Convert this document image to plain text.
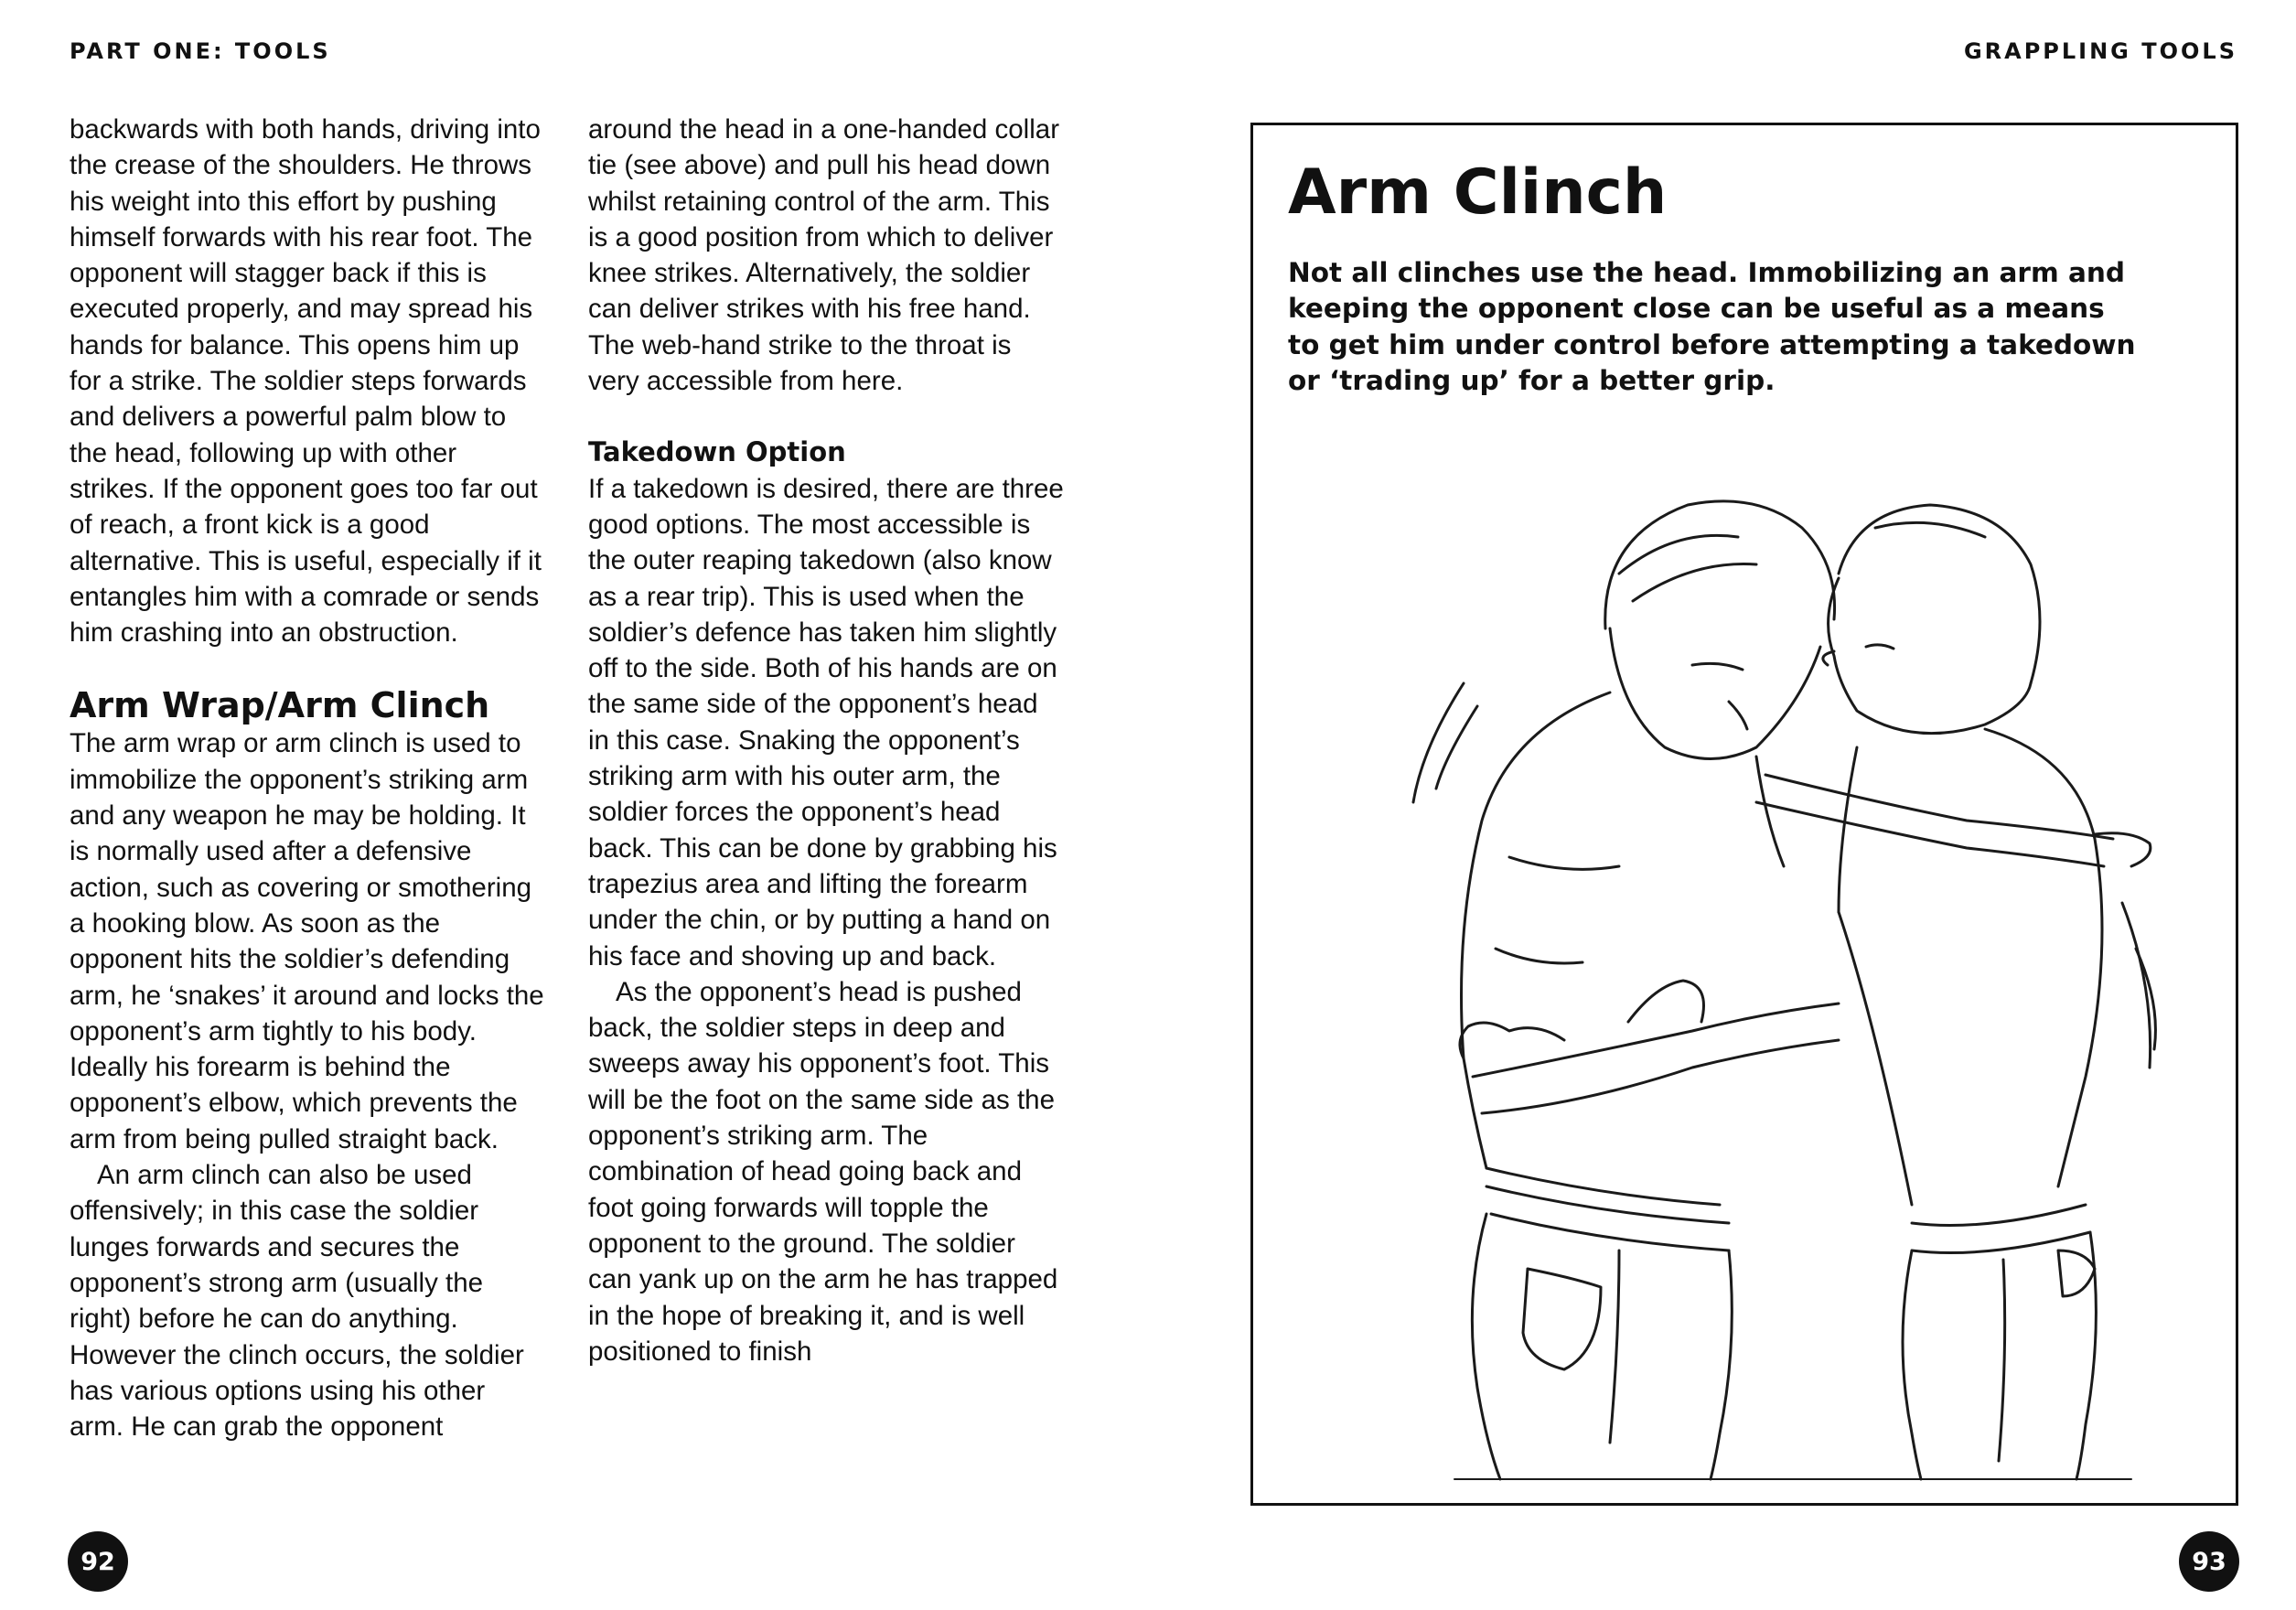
PART ONE: TOOLS	GRAPPLING TOOLS

backwards with both hands, driving into the crease of the shoulders. He throws his weight into this effort by pushing himself forwards with his rear foot. The opponent will stagger back if this is executed properly, and may spread his hands for balance. This opens him up for a strike. The soldier steps forwards and delivers a powerful palm blow to the head, following up with other strikes. If the opponent goes too far out of reach, a front kick is a good alternative. This is useful, especially if it entangles him with a comrade or sends him crashing into an obstruction.

Arm Wrap/Arm Clinch

The arm wrap or arm clinch is used to immobilize the opponent’s striking arm and any weapon he may be holding. It is normally used after a defensive action, such as covering or smothering a hooking blow. As soon as the opponent hits the soldier’s defending arm, he ‘snakes’ it around and locks the opponent’s arm tightly to his body. Ideally his forearm is behind the opponent’s elbow, which prevents the arm from being pulled straight back.

An arm clinch can also be used offensively; in this case the soldier lunges forwards and secures the opponent’s strong arm (usually the right) before he can do anything. However the clinch occurs, the soldier has various options using his other arm. He can grab the opponent

around the head in a one-handed collar tie (see above) and pull his head down whilst retaining control of the arm. This is a good position from which to deliver knee strikes. Alternatively, the soldier can deliver strikes with his free hand. The web-hand strike to the throat is very accessible from here.

Takedown Option

If a takedown is desired, there are three good options. The most accessible is the outer reaping takedown (also know as a rear trip). This is used when the soldier’s defence has taken him slightly off to the side. Both of his hands are on the same side of the opponent’s head in this case. Snaking the opponent’s striking arm with his outer arm, the soldier forces the opponent’s head back. This can be done by grabbing his trapezius area and lifting the forearm under the chin, or by putting a hand on his face and shoving up and back.

As the opponent’s head is pushed back, the soldier steps in deep and sweeps away his opponent’s foot. This will be the foot on the same side as the opponent’s striking arm. The combination of head going back and foot going forwards will topple the opponent to the ground. The soldier can yank up on the arm he has trapped in the hope of breaking it, and is well positioned to finish

Arm Clinch

Not all clinches use the head. Immobilizing an arm and keeping the opponent close can be useful as a means to get him under control before attempting a takedown or ‘trading up’ for a better grip.

92	93
